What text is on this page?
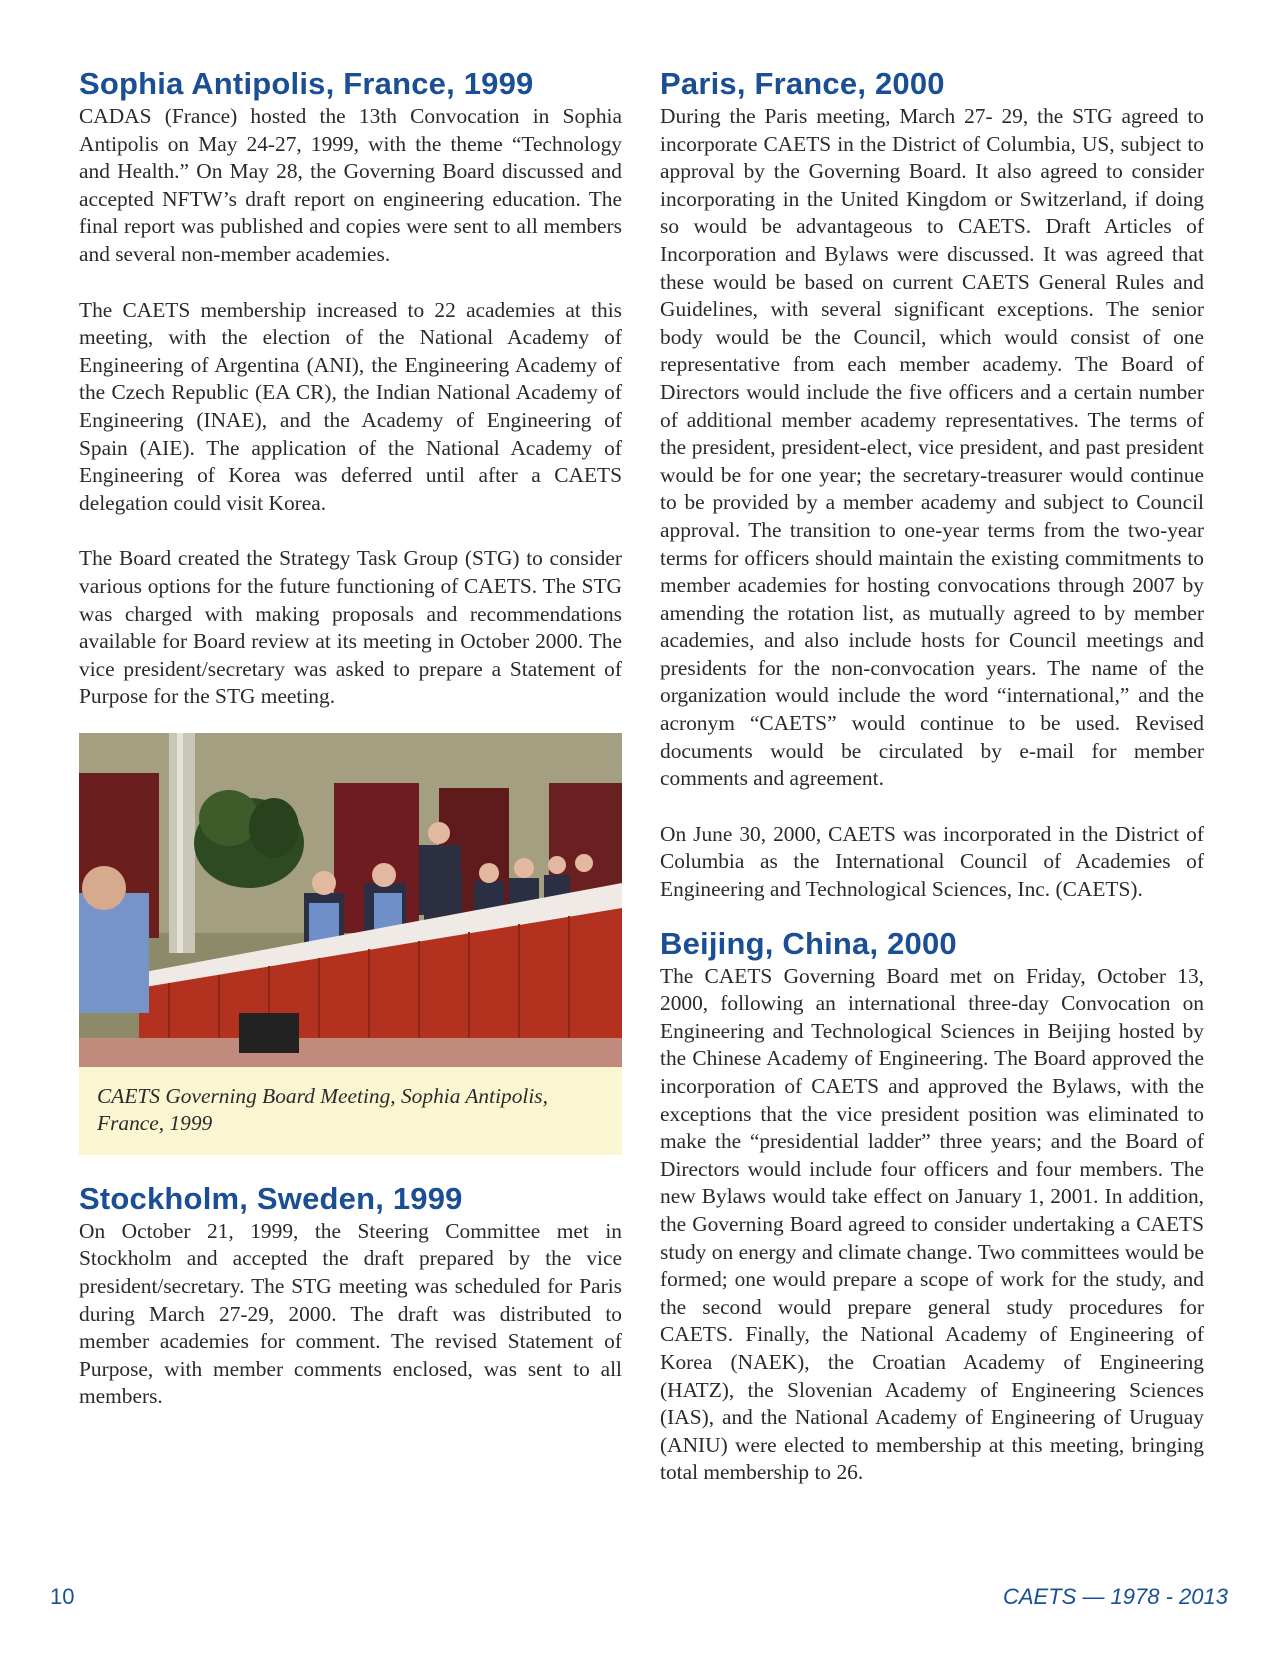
Sophia Antipolis, France, 1999

CADAS (France) hosted the 13th Convocation in Sophia Antipolis on May 24-27, 1999, with the theme “Technology and Health.” On May 28, the Governing Board discussed and accepted NFTW’s draft report on engineering education. The final report was published and copies were sent to all members and several non-member academies.

The CAETS membership increased to 22 academies at this meeting, with the election of the National Academy of Engineering of Argentina (ANI), the Engineering Academy of the Czech Republic (EA CR), the Indian National Academy of Engineering (INAE), and the Academy of Engineering of Spain (AIE). The application of the National Academy of Engineering of Korea was deferred until after a CAETS delegation could visit Korea.

The Board created the Strategy Task Group (STG) to consider various options for the future functioning of CAETS. The STG was charged with making proposals and recommendations available for Board review at its meeting in October 2000. The vice president/secretary was asked to prepare a Statement of Purpose for the STG meeting.

CAETS Governing Board Meeting, Sophia Antipolis, France, 1999
Stockholm, Sweden, 1999

On October 21, 1999, the Steering Committee met in Stockholm and accepted the draft prepared by the vice president/secretary. The STG meeting was scheduled for Paris during March 27-29, 2000. The draft was distributed to member academies for comment. The revised Statement of Purpose, with member comments enclosed, was sent to all members.

Paris, France, 2000

During the Paris meeting, March 27- 29, the STG agreed to incorporate CAETS in the District of Columbia, US, subject to approval by the Governing Board. It also agreed to consider incorporating in the United Kingdom or Switzerland, if doing so would be advantageous to CAETS. Draft Articles of Incorporation and Bylaws were discussed. It was agreed that these would be based on current CAETS General Rules and Guidelines, with several significant exceptions. The senior body would be the Council, which would consist of one representative from each member academy. The Board of Directors would include the five officers and a certain number of additional member academy representatives. The terms of the president, president-elect, vice president, and past president would be for one year; the secretary-treasurer would continue to be provided by a member academy and subject to Council approval. The transition to one-year terms from the two-year terms for officers should maintain the existing commitments to member academies for hosting convocations through 2007 by amending the rotation list, as mutually agreed to by member academies, and also include hosts for Council meetings and presidents for the non-convocation years. The name of the organization would include the word “international,” and the acronym “CAETS” would continue to be used. Revised documents would be circulated by e-mail for member comments and agreement.

On June 30, 2000, CAETS was incorporated in the District of Columbia as the International Council of Academies of Engineering and Technological Sciences, Inc. (CAETS).

Beijing, China, 2000

The CAETS Governing Board met on Friday, October 13, 2000, following an international three-day Convocation on Engineering and Technological Sciences in Beijing hosted by the Chinese Academy of Engineering. The Board approved the incorporation of CAETS and approved the Bylaws, with the exceptions that the vice president position was eliminated to make the “presidential ladder” three years; and the Board of Directors would include four officers and four members. The new Bylaws would take effect on January 1, 2001. In addition, the Governing Board agreed to consider undertaking a CAETS study on energy and climate change. Two committees would be formed; one would prepare a scope of work for the study, and the second would prepare general study procedures for CAETS. Finally, the National Academy of Engineering of Korea (NAEK), the Croatian Academy of Engineering (HATZ), the Slovenian Academy of Engineering Sciences (IAS), and the National Academy of Engineering of Uruguay (ANIU) were elected to membership at this meeting, bringing total membership to 26.

10	CAETS — 1978 - 2013
